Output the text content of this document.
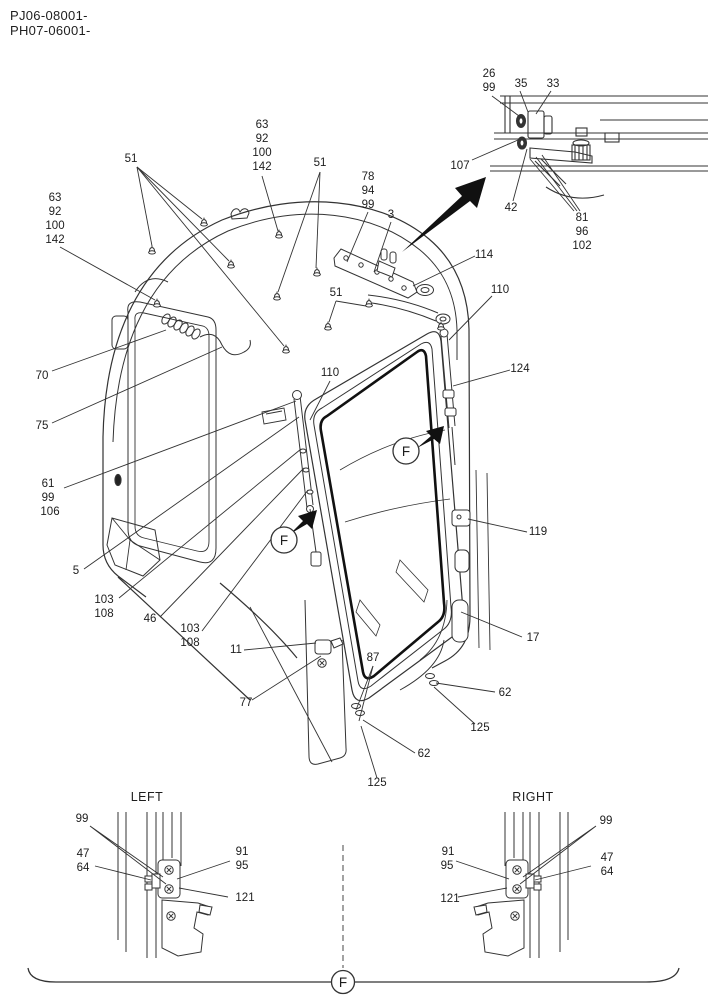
PJ06-08001-
PH07-06001-
F
F
F
26
99 35 33
107
42
81
96
102
63
92
100
142
51	51
78
94
99
3
63
92
100
142
51
114
110
124
110
70
75
61
99
106
5
103
108	46
103
108
11
77
119
17
87
62
125
62
125
99
47
64
91
95
121
99
91
95
47
64
121
LEFT	RIGHT
